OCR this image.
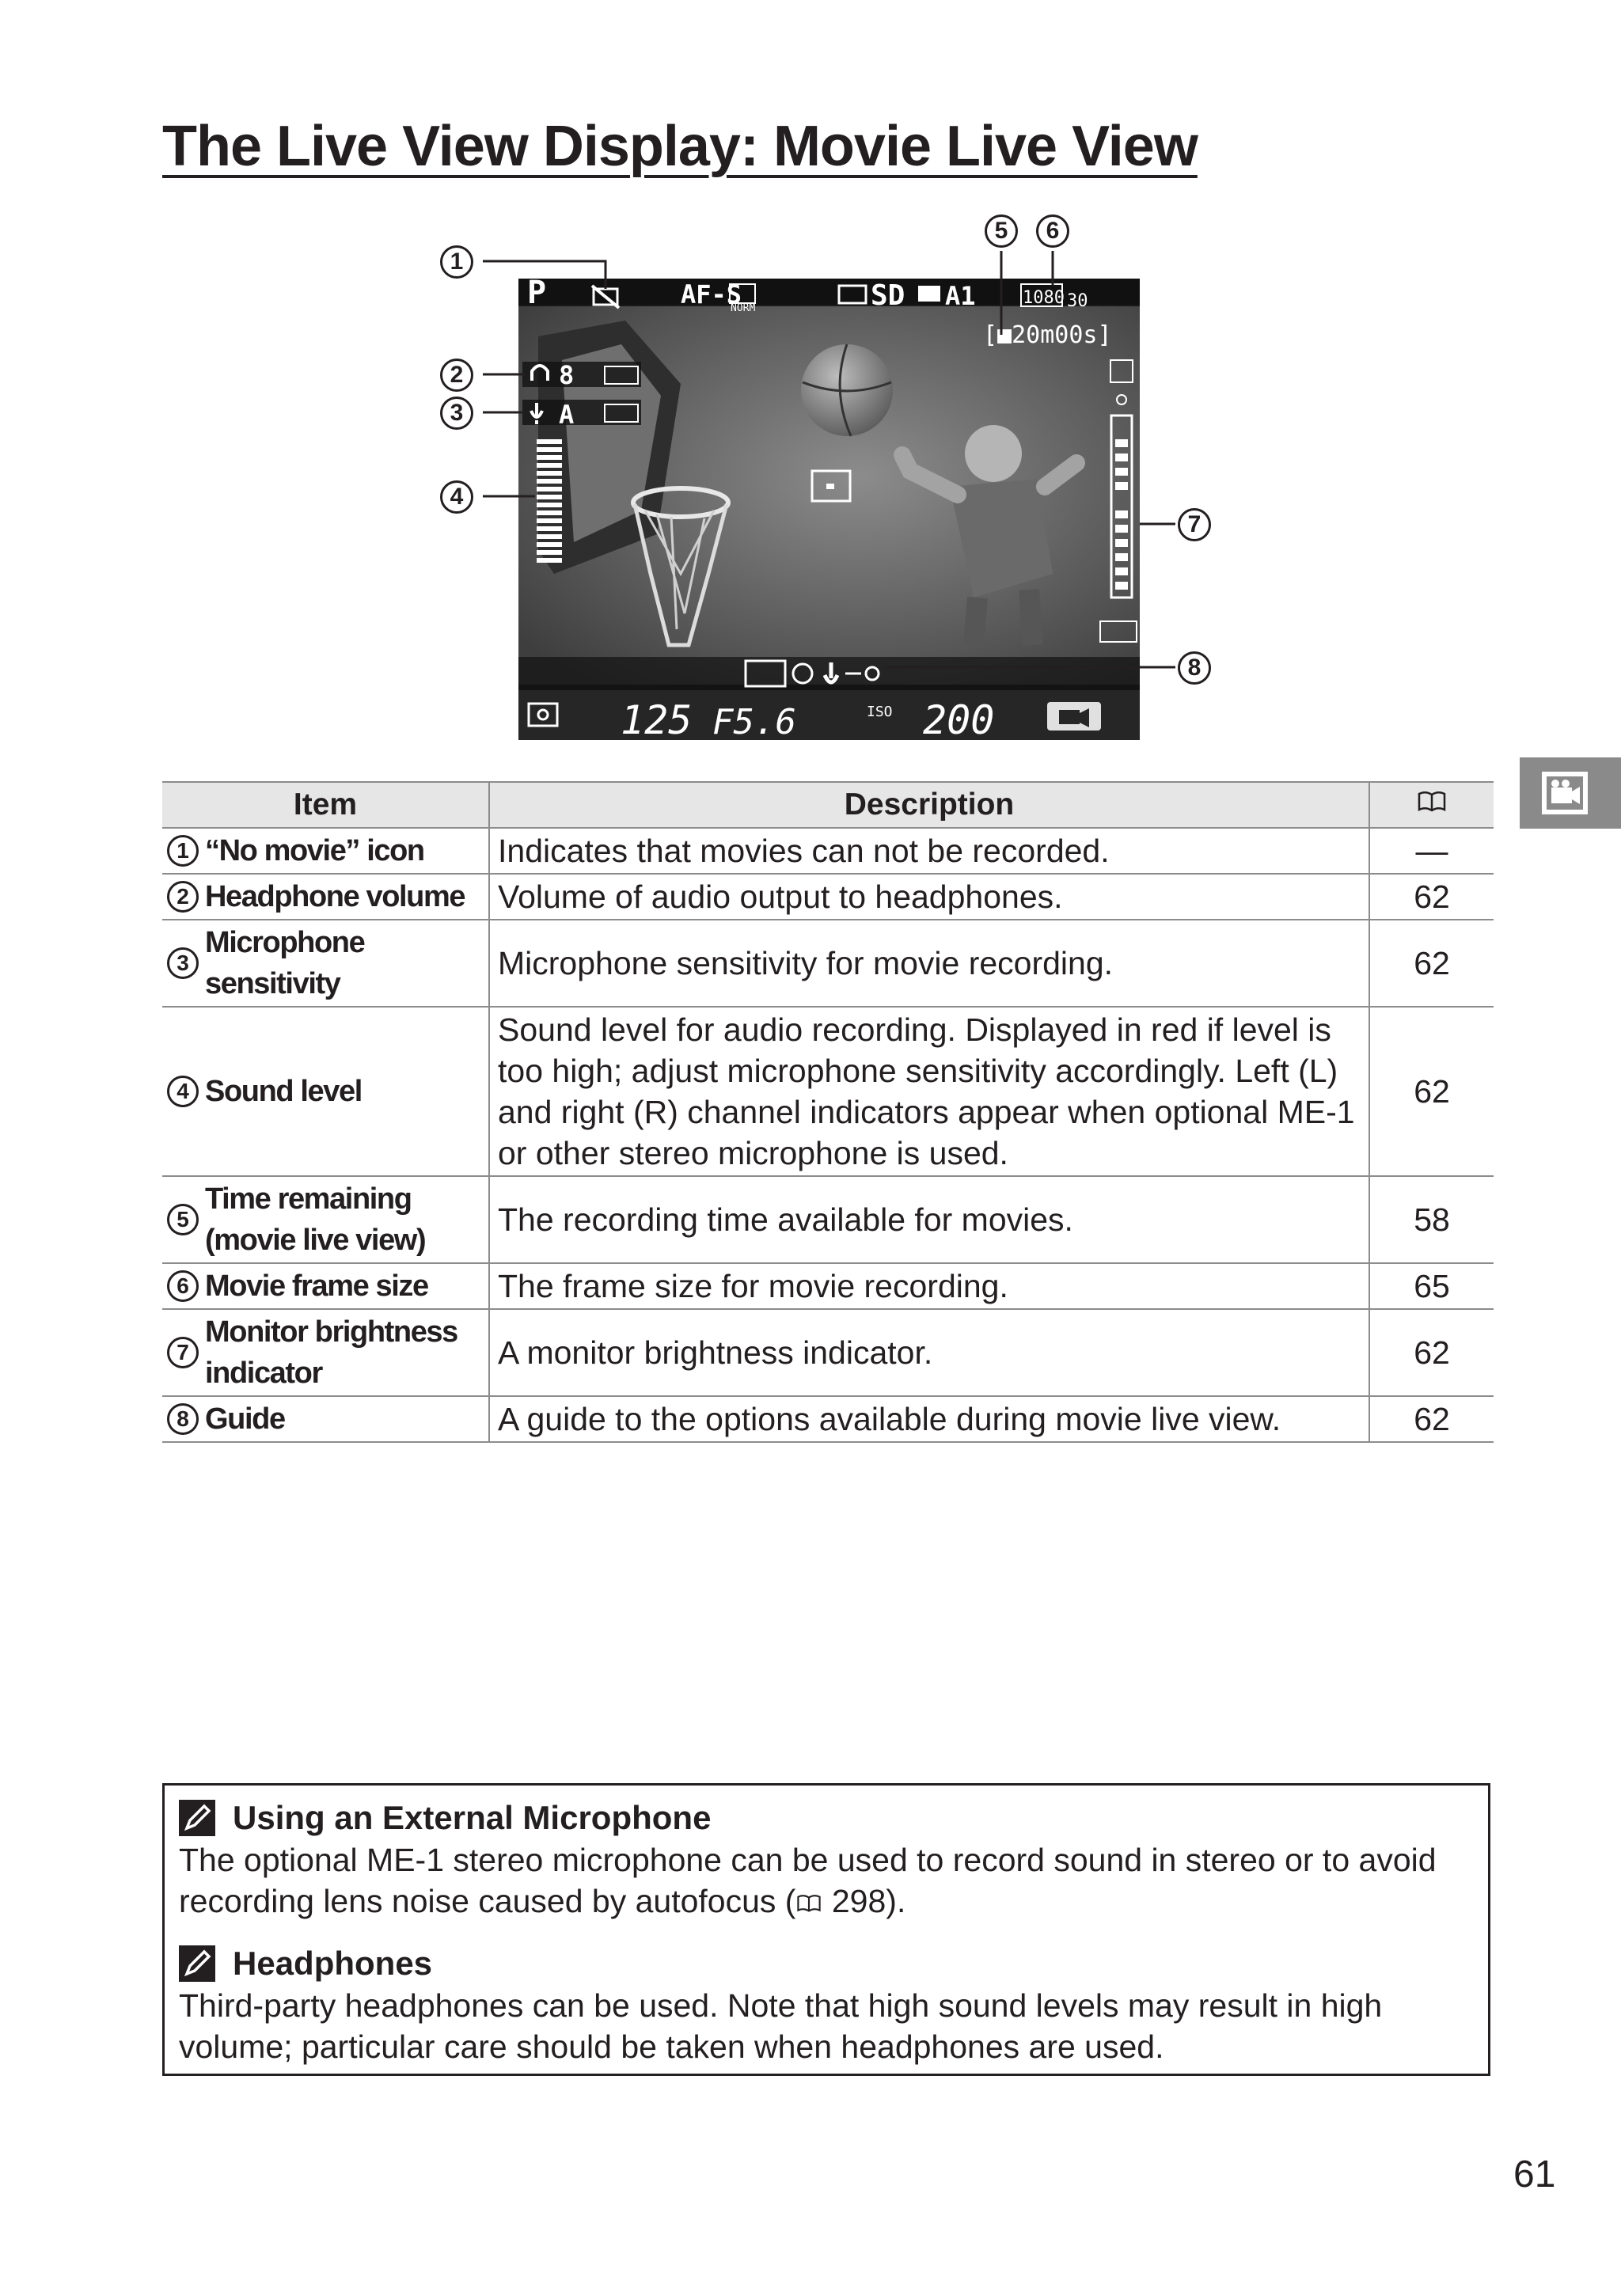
The Live View Display: Movie Live View
P	AF-S
NORM	SD A1	1080 30
[■20m00s]
8
A
125 F5.6	ISO 200
1
2
3
4
5	6
7
8
Item	Description	

1 “No movie” icon	Indicates that movies can not be recorded.	—

2 Headphone volume	Volume of audio output to headphones.	62

3
Microphone sensitivity	Microphone sensitivity for movie recording.	62

4 Sound level	Sound level for audio recording. Displayed in red if level is too high; adjust microphone sensitivity accordingly. Left (L) and right (R) channel indicators appear when optional ME-1 or other stereo microphone is used.	62

5
Time remaining (movie live view)	The recording time available for movies.	58

6 Movie frame size	The frame size for movie recording.	65

7
Monitor brightness indicator	A monitor brightness indicator.	62

8 Guide	A guide to the options available during movie live view.	62
Using an External Microphone
The optional ME-1 stereo microphone can be used to record sound in stereo or to avoid recording lens noise caused by autofocus ( 298).
Headphones
Third-party headphones can be used. Note that high sound levels may result in high volume; particular care should be taken when headphones are used.
61
